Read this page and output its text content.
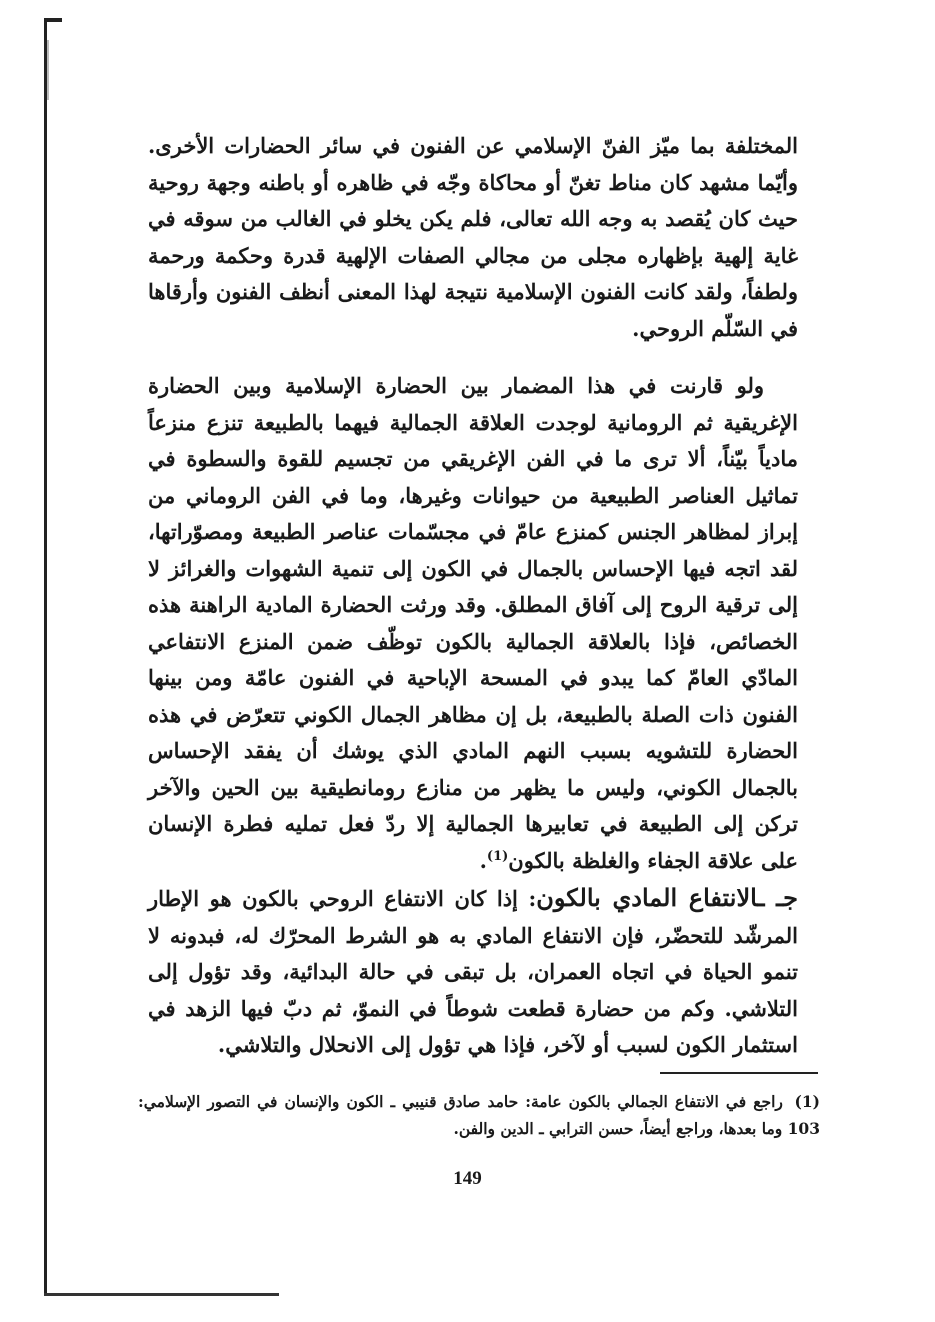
المختلفة بما ميّز الفنّ الإسلامي عن الفنون في سائر الحضارات الأخرى. وأيّما مشهد كان مناط تغنّ أو محاكاة وجّه في ظاهره أو باطنه وجهة روحية حيث كان يُقصد به وجه الله تعالى، فلم يكن يخلو في الغالب من سوقه في غاية إلهية بإظهاره مجلى من مجالي الصفات الإلهية قدرة وحكمة ورحمة ولطفاً، ولقد كانت الفنون الإسلامية نتيجة لهذا المعنى أنظف الفنون وأرقاها في السّلّم الروحي.

ولو قارنت في هذا المضمار بين الحضارة الإسلامية وبين الحضارة الإغريقية ثم الرومانية لوجدت العلاقة الجمالية فيهما بالطبيعة تنزع منزعاً مادياً بيّناً، ألا ترى ما في الفن الإغريقي من تجسيم للقوة والسطوة في تماثيل العناصر الطبيعية من حيوانات وغيرها، وما في الفن الروماني من إبراز لمظاهر الجنس كمنزع عامّ في مجسّمات عناصر الطبيعة ومصوّراتها، لقد اتجه فيها الإحساس بالجمال في الكون إلى تنمية الشهوات والغرائز لا إلى ترقية الروح إلى آفاق المطلق. وقد ورثت الحضارة المادية الراهنة هذه الخصائص، فإذا بالعلاقة الجمالية بالكون توظّف ضمن المنزع الانتفاعي المادّي العامّ كما يبدو في المسحة الإباحية في الفنون عامّة ومن بينها الفنون ذات الصلة بالطبيعة، بل إن مظاهر الجمال الكوني تتعرّض في هذه الحضارة للتشويه بسبب النهم المادي الذي يوشك أن يفقد الإحساس بالجمال الكوني، وليس ما يظهر من منازع رومانطيقية بين الحين والآخر تركن إلى الطبيعة في تعابيرها الجمالية إلا ردّ فعل تمليه فطرة الإنسان على علاقة الجفاء والغلظة بالكون$^{(1)}$.

جـ ـالانتفاع المادي بالكون: إذا كان الانتفاع الروحي بالكون هو الإطار المرشّد للتحضّر، فإن الانتفاع المادي به هو الشرط المحرّك له، فبدونه لا تنمو الحياة في اتجاه العمران، بل تبقى في حالة البدائية، وقد تؤول إلى التلاشي. وكم من حضارة قطعت شوطاً في النموّ، ثم دبّ فيها الزهد في استثمار الكون لسبب أو لآخر، فإذا هي تؤول إلى الانحلال والتلاشي.

(1) راجع في الانتفاع الجمالي بالكون عامة: حامد صادق قنيبي ـ الكون والإنسان في التصور الإسلامي: 103 وما بعدها، وراجع أيضاً، حسن الترابي ـ الدين والفن.
149
